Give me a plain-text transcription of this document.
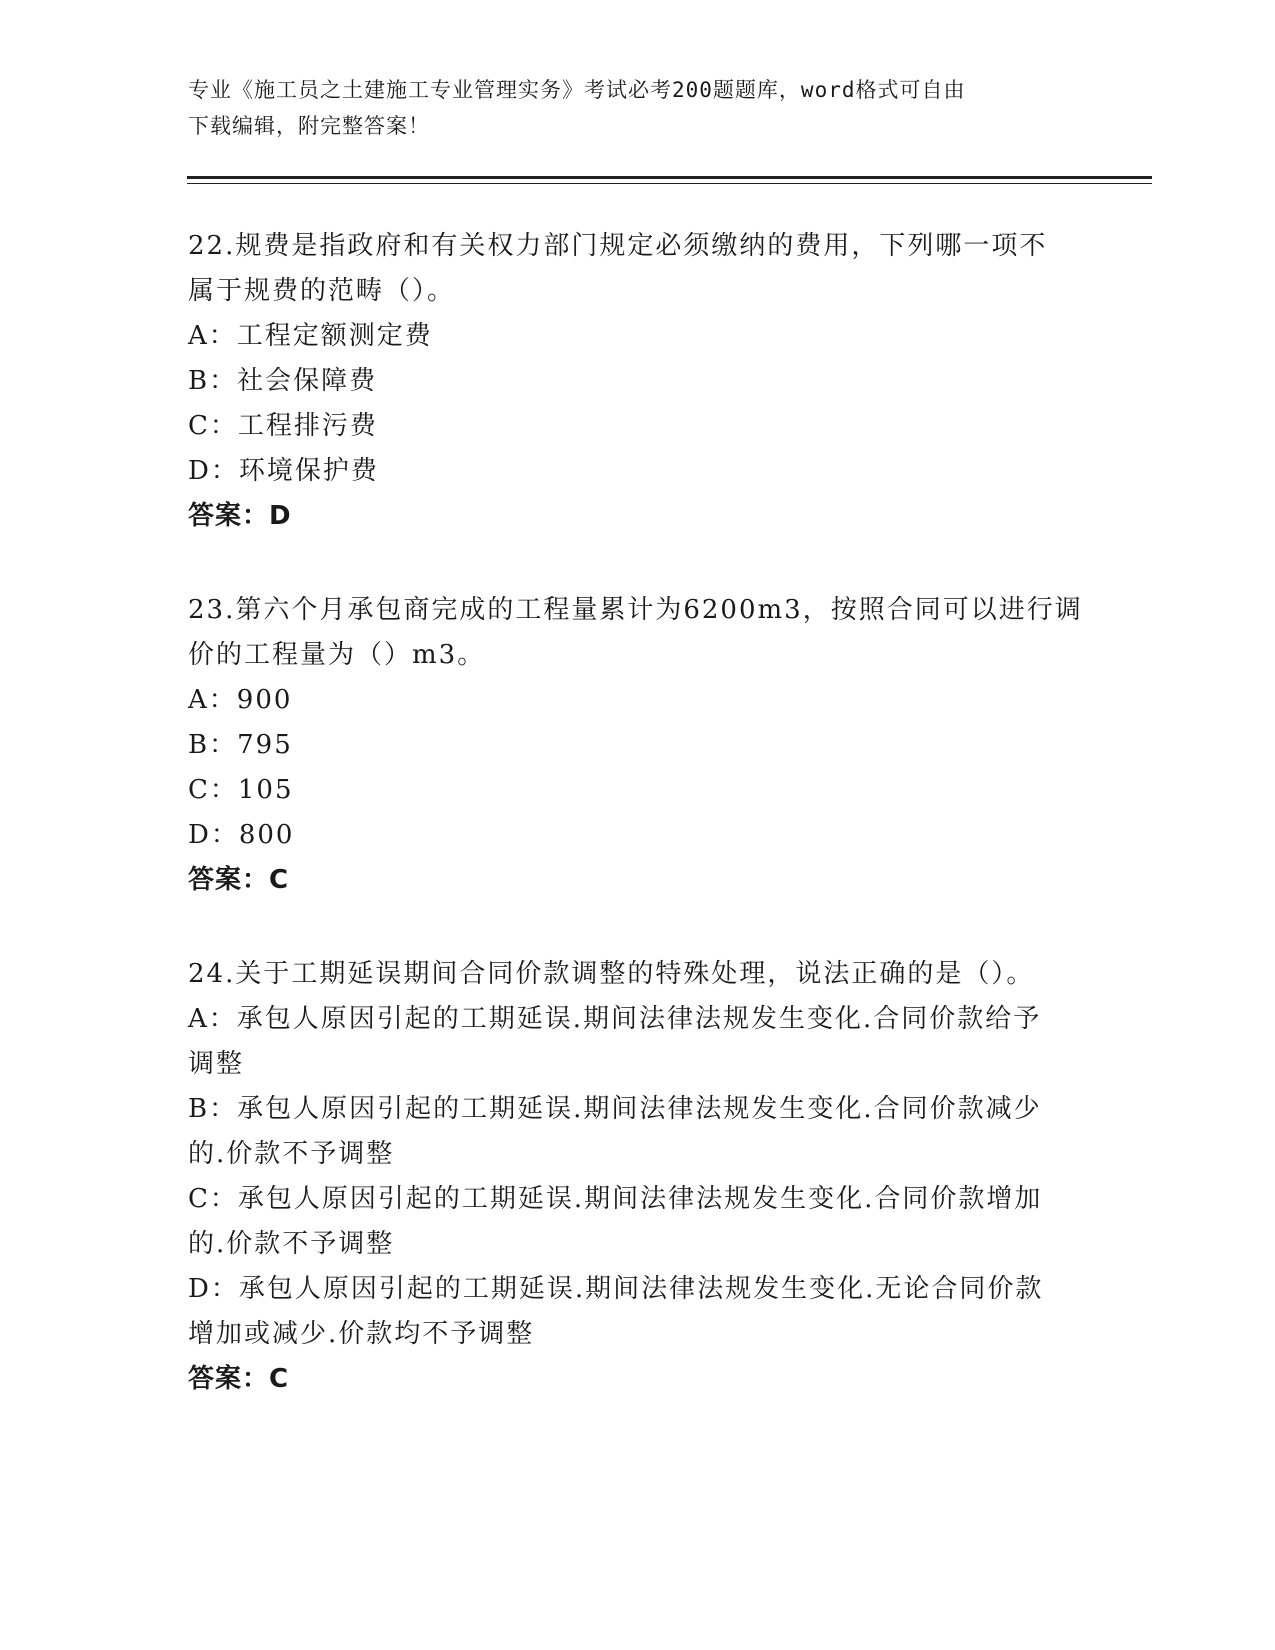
专业《施工员之土建施工专业管理实务》考试必考200题题库，word格式可自由
下载编辑，附完整答案！
22.规费是指政府和有关权力部门规定必须缴纳的费用，下列哪一项不
属于规费的范畴（）。
A：工程定额测定费
B：社会保障费
C：工程排污费
D：环境保护费
答案：D
23.第六个月承包商完成的工程量累计为6200m3，按照合同可以进行调
价的工程量为（）m3。
A：900
B：795
C：105
D：800
答案：C
24.关于工期延误期间合同价款调整的特殊处理，说法正确的是（）。
A：承包人原因引起的工期延误.期间法律法规发生变化.合同价款给予
调整
B：承包人原因引起的工期延误.期间法律法规发生变化.合同价款减少
的.价款不予调整
C：承包人原因引起的工期延误.期间法律法规发生变化.合同价款增加
的.价款不予调整
D：承包人原因引起的工期延误.期间法律法规发生变化.无论合同价款
增加或减少.价款均不予调整
答案：C
